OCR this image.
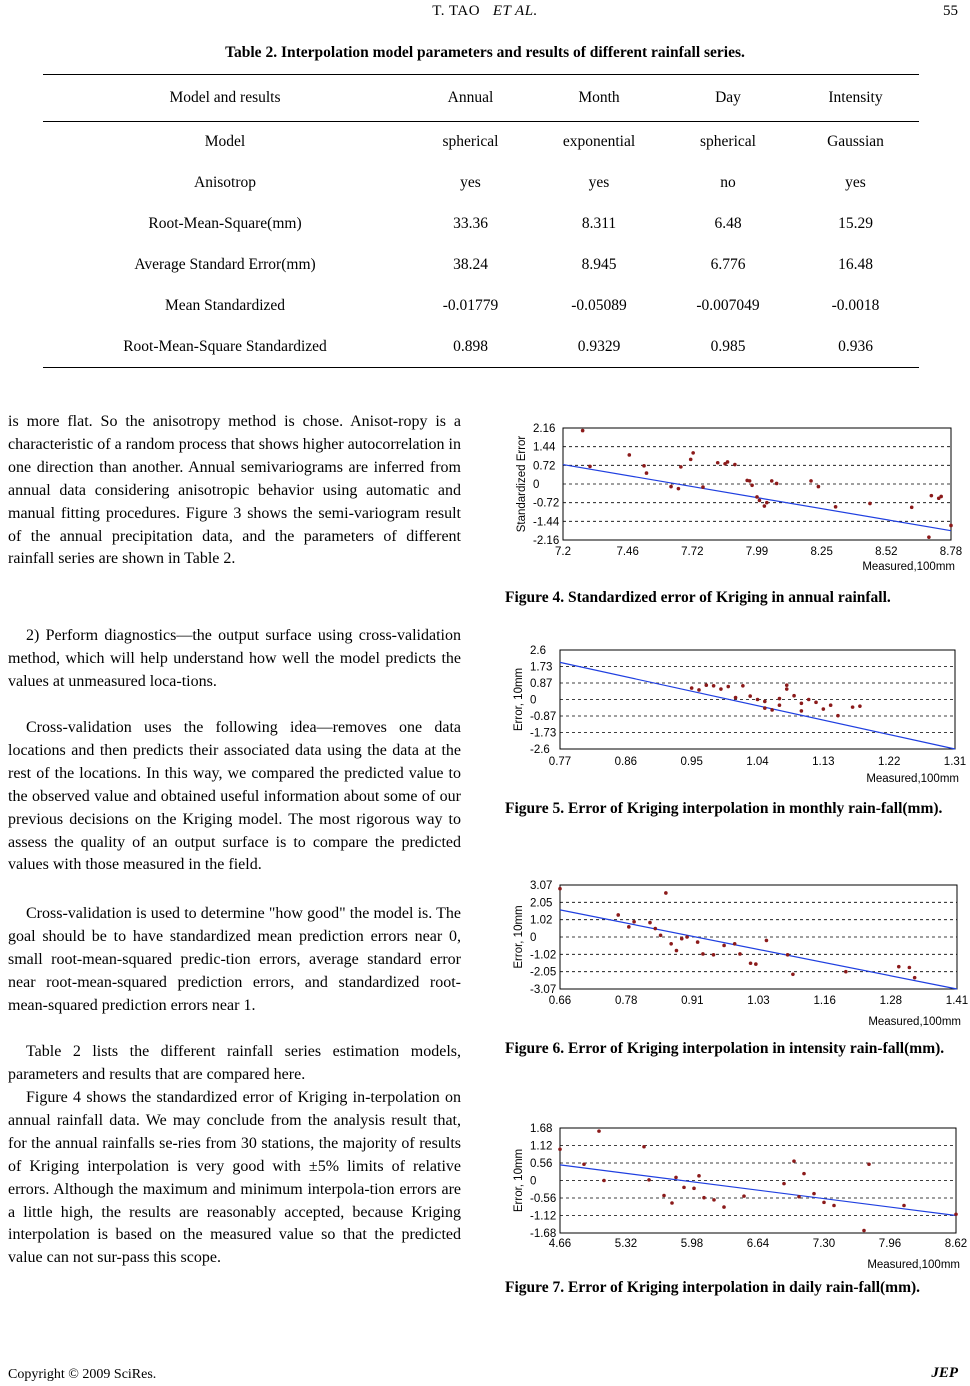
T. TAO ET AL.	55
Table 2. Interpolation model parameters and results of different rainfall series.
Model and results	Annual	Month	Day	Intensity
Model	spherical	exponential	spherical	Gaussian
Anisotrop	yes	yes	no	yes
Root-Mean-Square(mm)	33.36	8.311	6.48	15.29
Average Standard Error(mm)	38.24	8.945	6.776	16.48
Mean Standardized	-0.01779	-0.05089	-0.007049	-0.0018
Root-Mean-Square Standardized	0.898	0.9329	0.985	0.936

is more flat. So the anisotropy method is chose. Anisot-ropy is a characteristic of a random process that shows higher autocorrelation in one direction than another. Annual semivariograms are inferred from annual data considering anisotropic behavior using automatic and manual fitting procedures. Figure 3 shows the semi-variogram result of the annual precipitation data, and the parameters of different rainfall series are shown in Table 2.

2) Perform diagnostics—the output surface using cross-validation method, which will help understand how well the model predicts the values at unmeasured loca-tions.

Cross-validation uses the following idea—removes one data locations and then predicts their associated data using the data at the rest of the locations. In this way, we compared the predicted value to the observed value and obtained useful information about some of our previous decisions on the Kriging model. The most rigorous way to assess the quality of an output surface is to compare the predicted values with those measured in the field.

Cross-validation is used to determine "how good" the model is. The goal should be to have standardized mean prediction errors near 0, small root-mean-squared predic-tion errors, average standard error near root-mean-squared prediction errors, and standardized root-mean-squared prediction errors near 1.

Table 2 lists the different rainfall series estimation models, parameters and results that are compared here.

Figure 4 shows the standardized error of Kriging in-terpolation on annual rainfall data. We may conclude from the analysis result that, for the annual rainfalls se-ries from 30 stations, the majority of results of Kriging interpolation is very good with ±5% limits of relative errors. Although the maximum and minimum interpola-tion errors are a little high, the results are reasonably accepted, because Kriging interpolation is based on the measured value so that the predicted value can not sur-pass this scope.

2.16
1.44
0.72
0
-0.72
-1.44
-2.16
7.2	7.46	7.72	7.99	8.25	8.52	8.78
Standardized Error
Measured,100mm

Figure 4. Standardized error of Kriging in annual rainfall.

2.6
1.73
0.87
0
-0.87
-1.73
-2.6
0.77	0.86	0.95	1.04	1.13	1.22	1.31
Error, 10mm
Measured,100mm

Figure 5. Error of Kriging interpolation in monthly rain-fall(mm).

3.07
2.05
1.02
0
-1.02
-2.05
-3.07
0.66	0.78	0.91	1.03	1.16	1.28	1.41
Error, 10mm
Measured,100mm

Figure 6. Error of Kriging interpolation in intensity rain-fall(mm).

1.68
1.12
0.56
0
-0.56
-1.12
-1.68
4.66	5.32	5.98	6.64	7.30	7.96	8.62
Error, 10mm
Measured,100mm

Figure 7. Error of Kriging interpolation in daily rain-fall(mm).

Copyright © 2009 SciRes.	JEP
